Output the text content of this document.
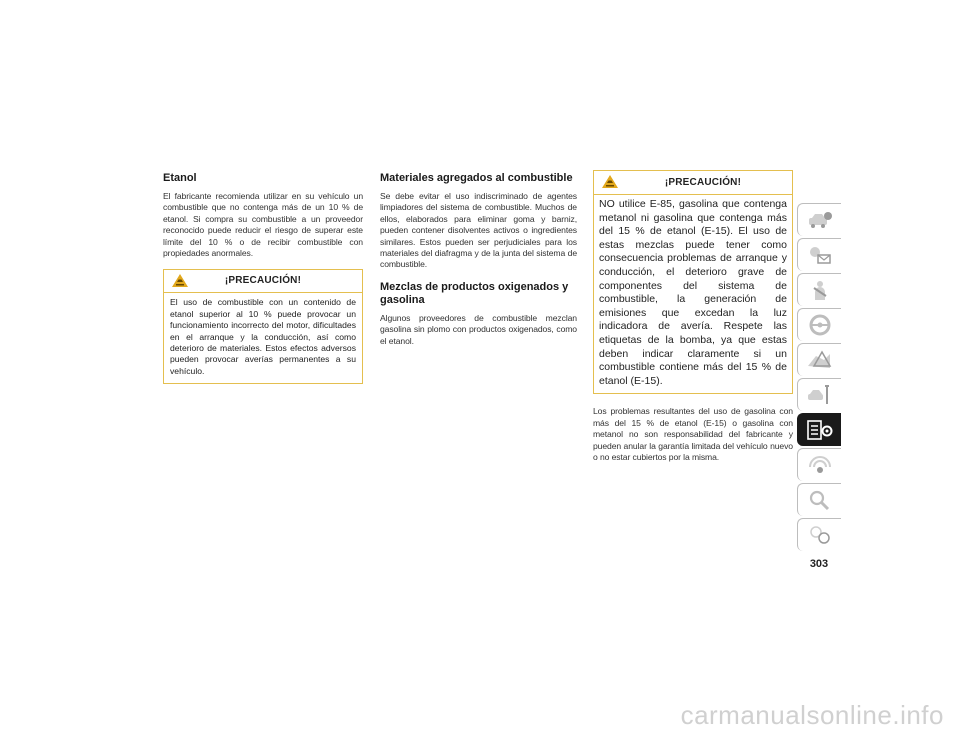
Etanol
El fabricante recomienda utilizar en su vehículo un combustible que no contenga más de un 10 % de etanol. Si compra su combustible a un proveedor reconocido puede reducir el riesgo de superar este límite del 10 % o de recibir combustible con propiedades anormales.
¡PRECAUCIÓN!
El uso de combustible con un contenido de etanol superior al 10 % puede provocar un funcionamiento incorrecto del motor, dificultades en el arranque y la conducción, así como deterioro de materiales. Estos efectos adversos pueden provocar averías permanentes a su vehículo.
Materiales agregados al combustible
Se debe evitar el uso indiscriminado de agentes limpiadores del sistema de combustible. Muchos de ellos, elaborados para eliminar goma y barniz, pueden contener disolventes activos o ingredientes similares. Estos pueden ser perjudiciales para los materiales del diafragma y de la junta del sistema de combustible.
Mezclas de productos oxigenados y gasolina
Algunos proveedores de combustible mezclan gasolina sin plomo con productos oxigenados, como el etanol.
¡PRECAUCIÓN!
NO utilice E-85, gasolina que contenga metanol ni gasolina que contenga más del 15 % de etanol (E-15). El uso de estas mezclas puede tener como consecuencia problemas de arranque y conducción, el deterioro grave de componentes del sistema de combustible, la generación de emisiones que excedan la luz indicadora de avería. Respete las etiquetas de la bomba, ya que estas deben indicar claramente si un combustible contiene más del 15 % de etanol (E-15).
Los problemas resultantes del uso de gasolina con más del 15 % de etanol (E-15) o gasolina con metanol no son responsabilidad del fabricante y pueden anular la garantía limitada del vehículo nuevo o no estar cubiertos por la misma.
303
carmanualsonline.info
